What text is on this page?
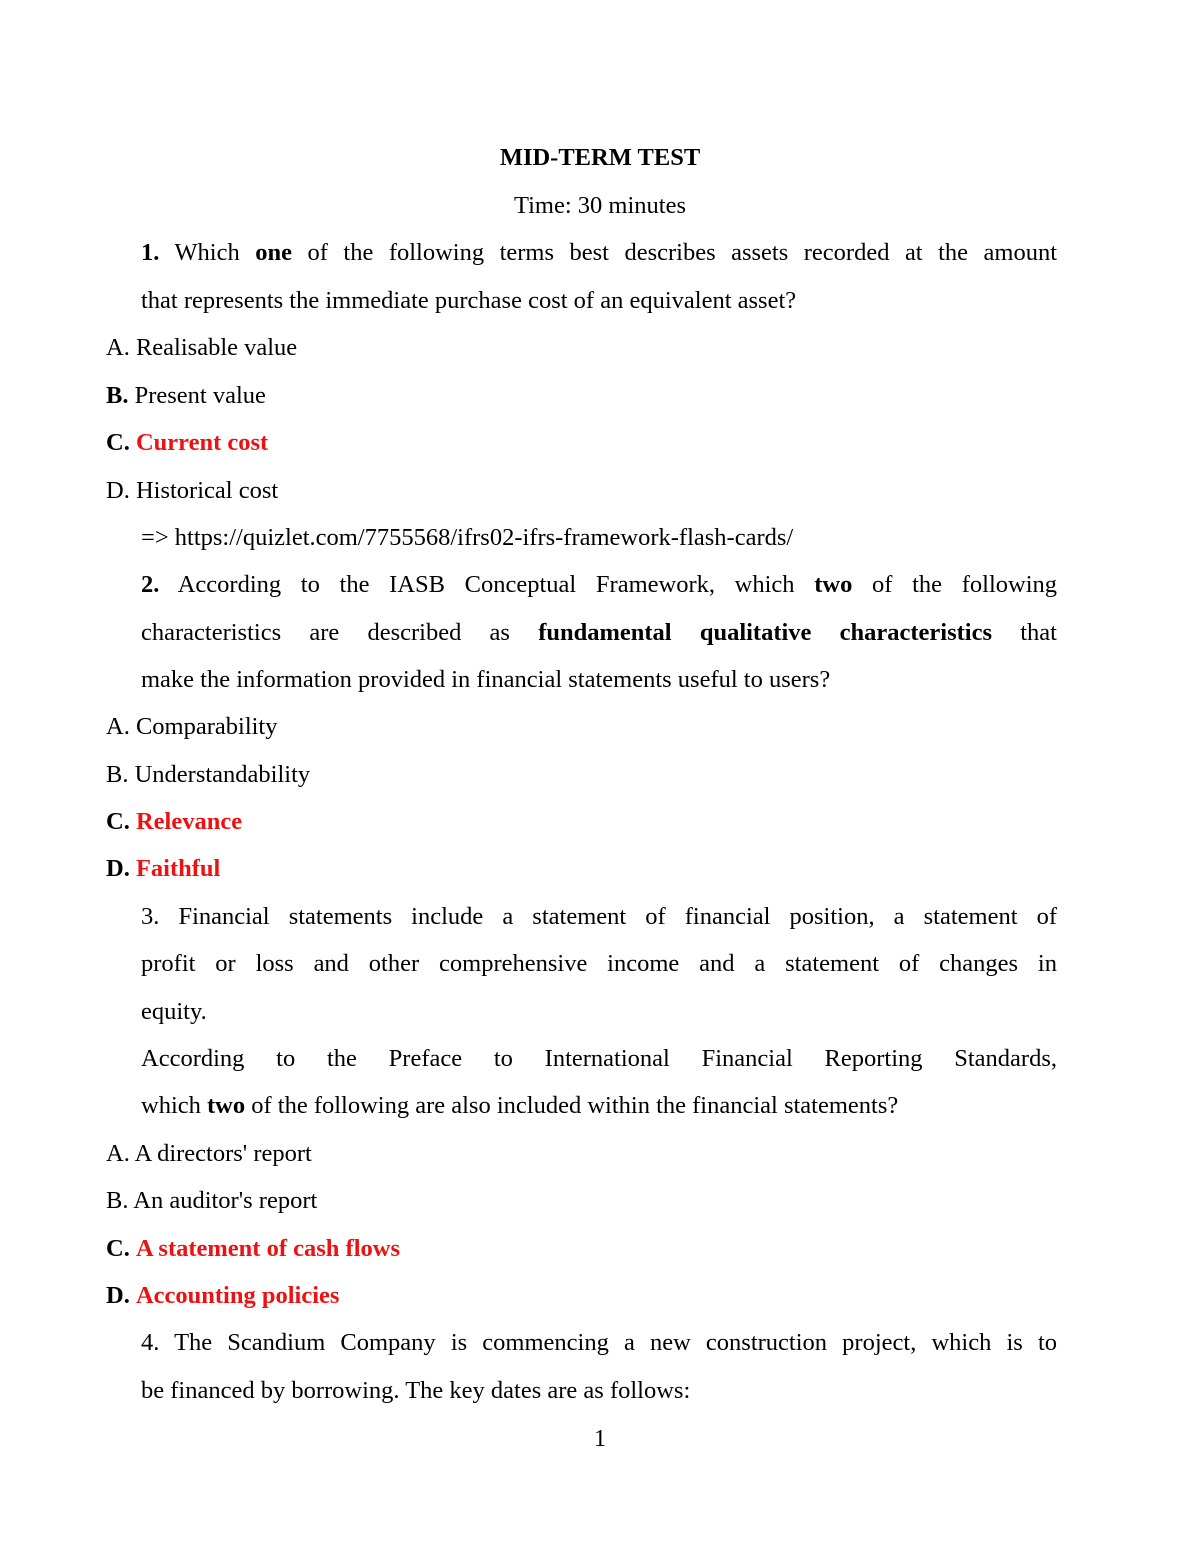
MID-TERM TEST

Time: 30 minutes

1. Which one of the following terms best describes assets recorded at the amount

that represents the immediate purchase cost of an equivalent asset?

A. Realisable value

B. Present value

C. Current cost

D. Historical cost

=> https://quizlet.com/7755568/ifrs02-ifrs-framework-flash-cards/

2. According to the IASB Conceptual Framework, which two of the following

characteristics are described as fundamental qualitative characteristics that

make the information provided in financial statements useful to users?

A. Comparability

B. Understandability

C. Relevance

D. Faithful

3. Financial statements include a statement of financial position, a statement of

profit or loss and other comprehensive income and a statement of changes in

equity.

According to the Preface to International Financial Reporting Standards,

which two of the following are also included within the financial statements?

A. A directors' report

B. An auditor's report

C. A statement of cash flows

D. Accounting policies

4. The Scandium Company is commencing a new construction project, which is to

be financed by borrowing. The key dates are as follows:

1
